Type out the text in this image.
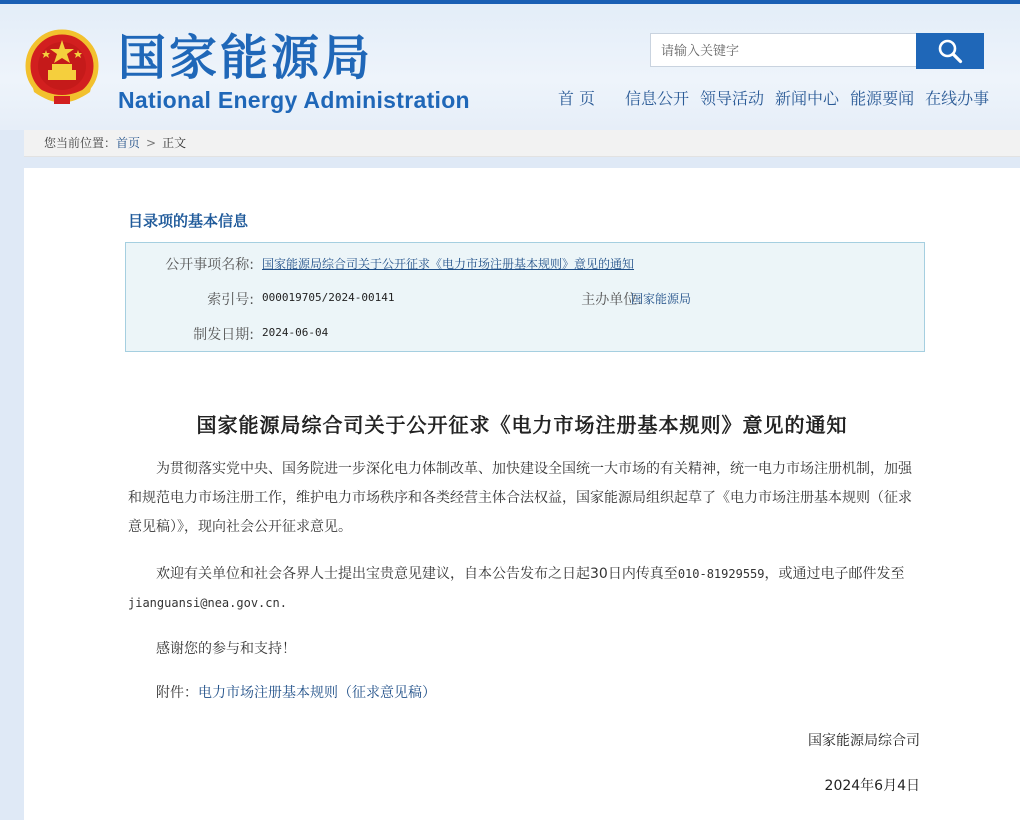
国家能源局
National Energy Administration
请输入关键字	首页 信息公开 领导活动 新闻中心 能源要闻 在线办事
您当前位置：首页 > 正文
目录项的基本信息
公开事项名称: 国家能源局综合司关于公开征求《电力市场注册基本规则》意见的通知
索引号: 000019705/2024-00141	主办单位:
国家能源局
制发日期: 2024-06-04
国家能源局综合司关于公开征求《电力市场注册基本规则》意见的通知
为贯彻落实党中央、国务院进一步深化电力体制改革、加快建设全国统一大市场的有关精神，统一电力市场注册机制，加强
和规范电力市场注册工作，维护电力市场秩序和各类经营主体合法权益，国家能源局组织起草了《电力市场注册基本规则（征求
意见稿）》，现向社会公开征求意见。
欢迎有关单位和社会各界人士提出宝贵意见建议，自本公告发布之日起30日内传真至010-81929559，或通过电子邮件发至
jianguansi@nea.gov.cn.
感谢您的参与和支持！
附件：电力市场注册基本规则（征求意见稿）
国家能源局综合司
2024年6月4日
